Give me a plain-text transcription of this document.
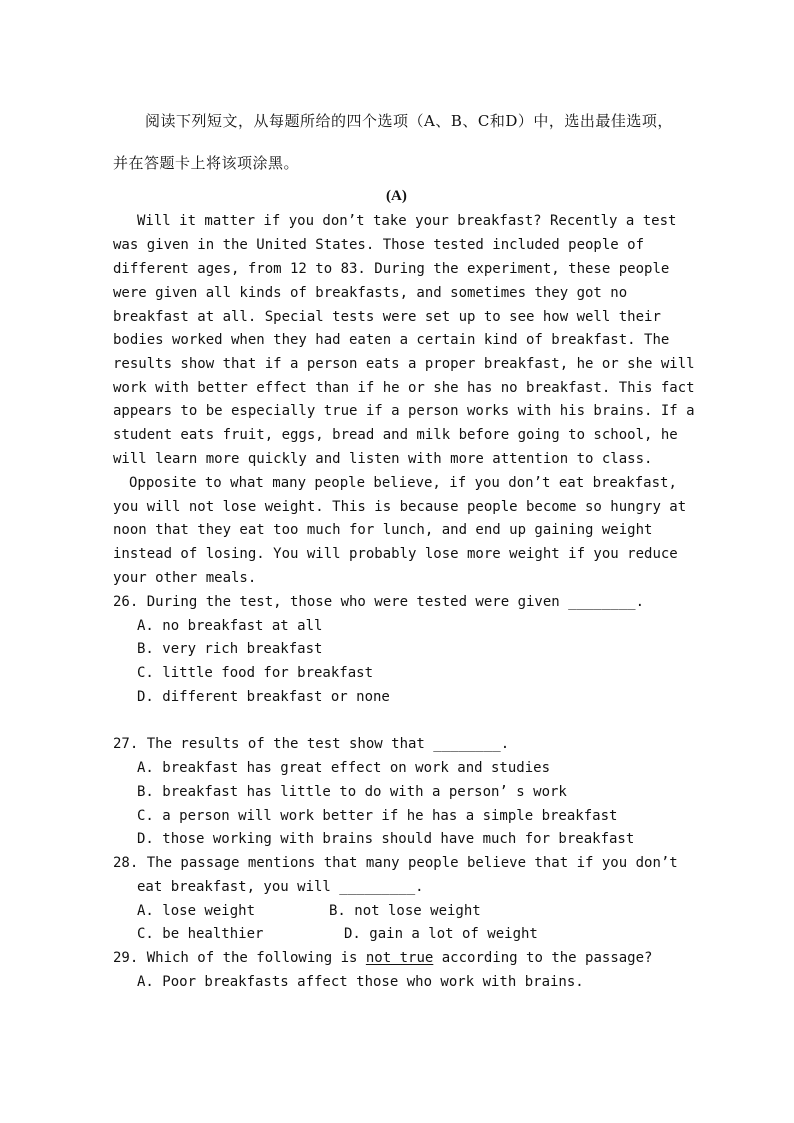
阅读下列短文，从每题所给的四个选项（A、B、C和D）中，选出最佳选项，
并在答题卡上将该项涂黑。
(A)
Will it matter if you don’t take your breakfast? Recently a test
was given in the United States. Those tested included people of
different ages, from 12 to 83. During the experiment, these people
were given all kinds of breakfasts, and sometimes they got no
breakfast at all. Special tests were set up to see how well their
bodies worked when they had eaten a certain kind of breakfast. The
results show that if a person eats a proper breakfast, he or she will
work with better effect than if he or she has no breakfast. This fact
appears to be especially true if a person works with his brains. If a
student eats fruit, eggs, bread and milk before going to school, he
will learn more quickly and listen with more attention to class.
Opposite to what many people believe, if you don’t eat breakfast,
you will not lose weight. This is because people become so hungry at
noon that they eat too much for lunch, and end up gaining weight
instead of losing. You will probably lose more weight if you reduce
your other meals.
26. During the test, those who were tested were given ________.
A. no breakfast at all
B. very rich breakfast
C. little food for breakfast
D. different breakfast or none
27. The results of the test show that ________.
A. breakfast has great effect on work and studies
B. breakfast has little to do with a person’ s work
C. a person will work better if he has a simple breakfast
D. those working with brains should have much for breakfast
28. The passage mentions that many people believe that if you don’t
eat breakfast, you will _________.
A. lose weight	B. not lose weight
C. be healthier	D. gain a lot of weight
29. Which of the following is not true according to the passage?
A. Poor breakfasts affect those who work with brains.
